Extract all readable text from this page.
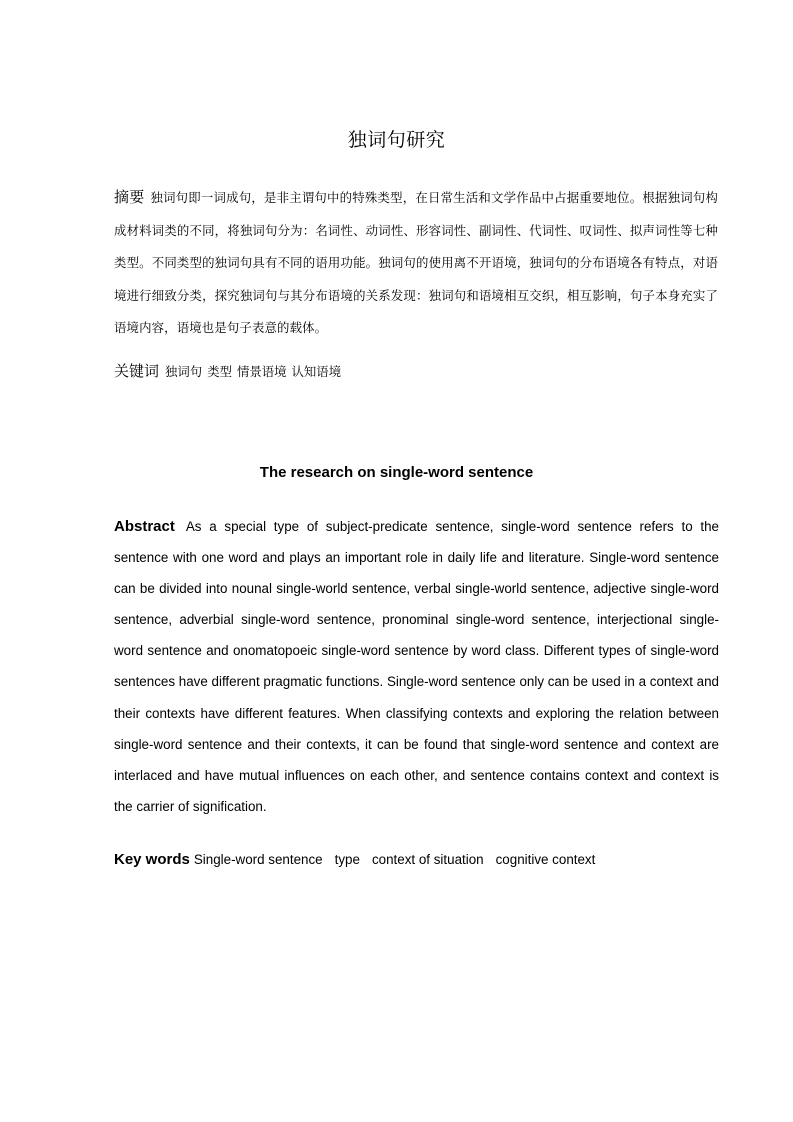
独词句研究
摘要 独词句即一词成句，是非主谓句中的特殊类型，在日常生活和文学作品中占据重要地位。根据独词句构成材料词类的不同，将独词句分为：名词性、动词性、形容词性、副词性、代词性、叹词性、拟声词性等七种类型。不同类型的独词句具有不同的语用功能。独词句的使用离不开语境，独词句的分布语境各有特点，对语境进行细致分类，探究独词句与其分布语境的关系发现：独词句和语境相互交织，相互影响，句子本身充实了语境内容，语境也是句子表意的载体。
关键词 独词句 类型 情景语境 认知语境
The research on single-word sentence
Abstract As a special type of subject-predicate sentence, single-word sentence refers to the sentence with one word and plays an important role in daily life and literature. Single-word sentence can be divided into nounal single-world sentence, verbal single-world sentence, adjective single-word sentence, adverbial single-word sentence, pronominal single-word sentence, interjectional single-word sentence and onomatopoeic single-word sentence by word class. Different types of single-word sentences have different pragmatic functions. Single-word sentence only can be used in a context and their contexts have different features. When classifying contexts and exploring the relation between single-word sentence and their contexts, it can be found that single-word sentence and context are interlaced and have mutual influences on each other, and sentence contains context and context is the carrier of signification.
Key words Single-word sentence type context of situation cognitive context
